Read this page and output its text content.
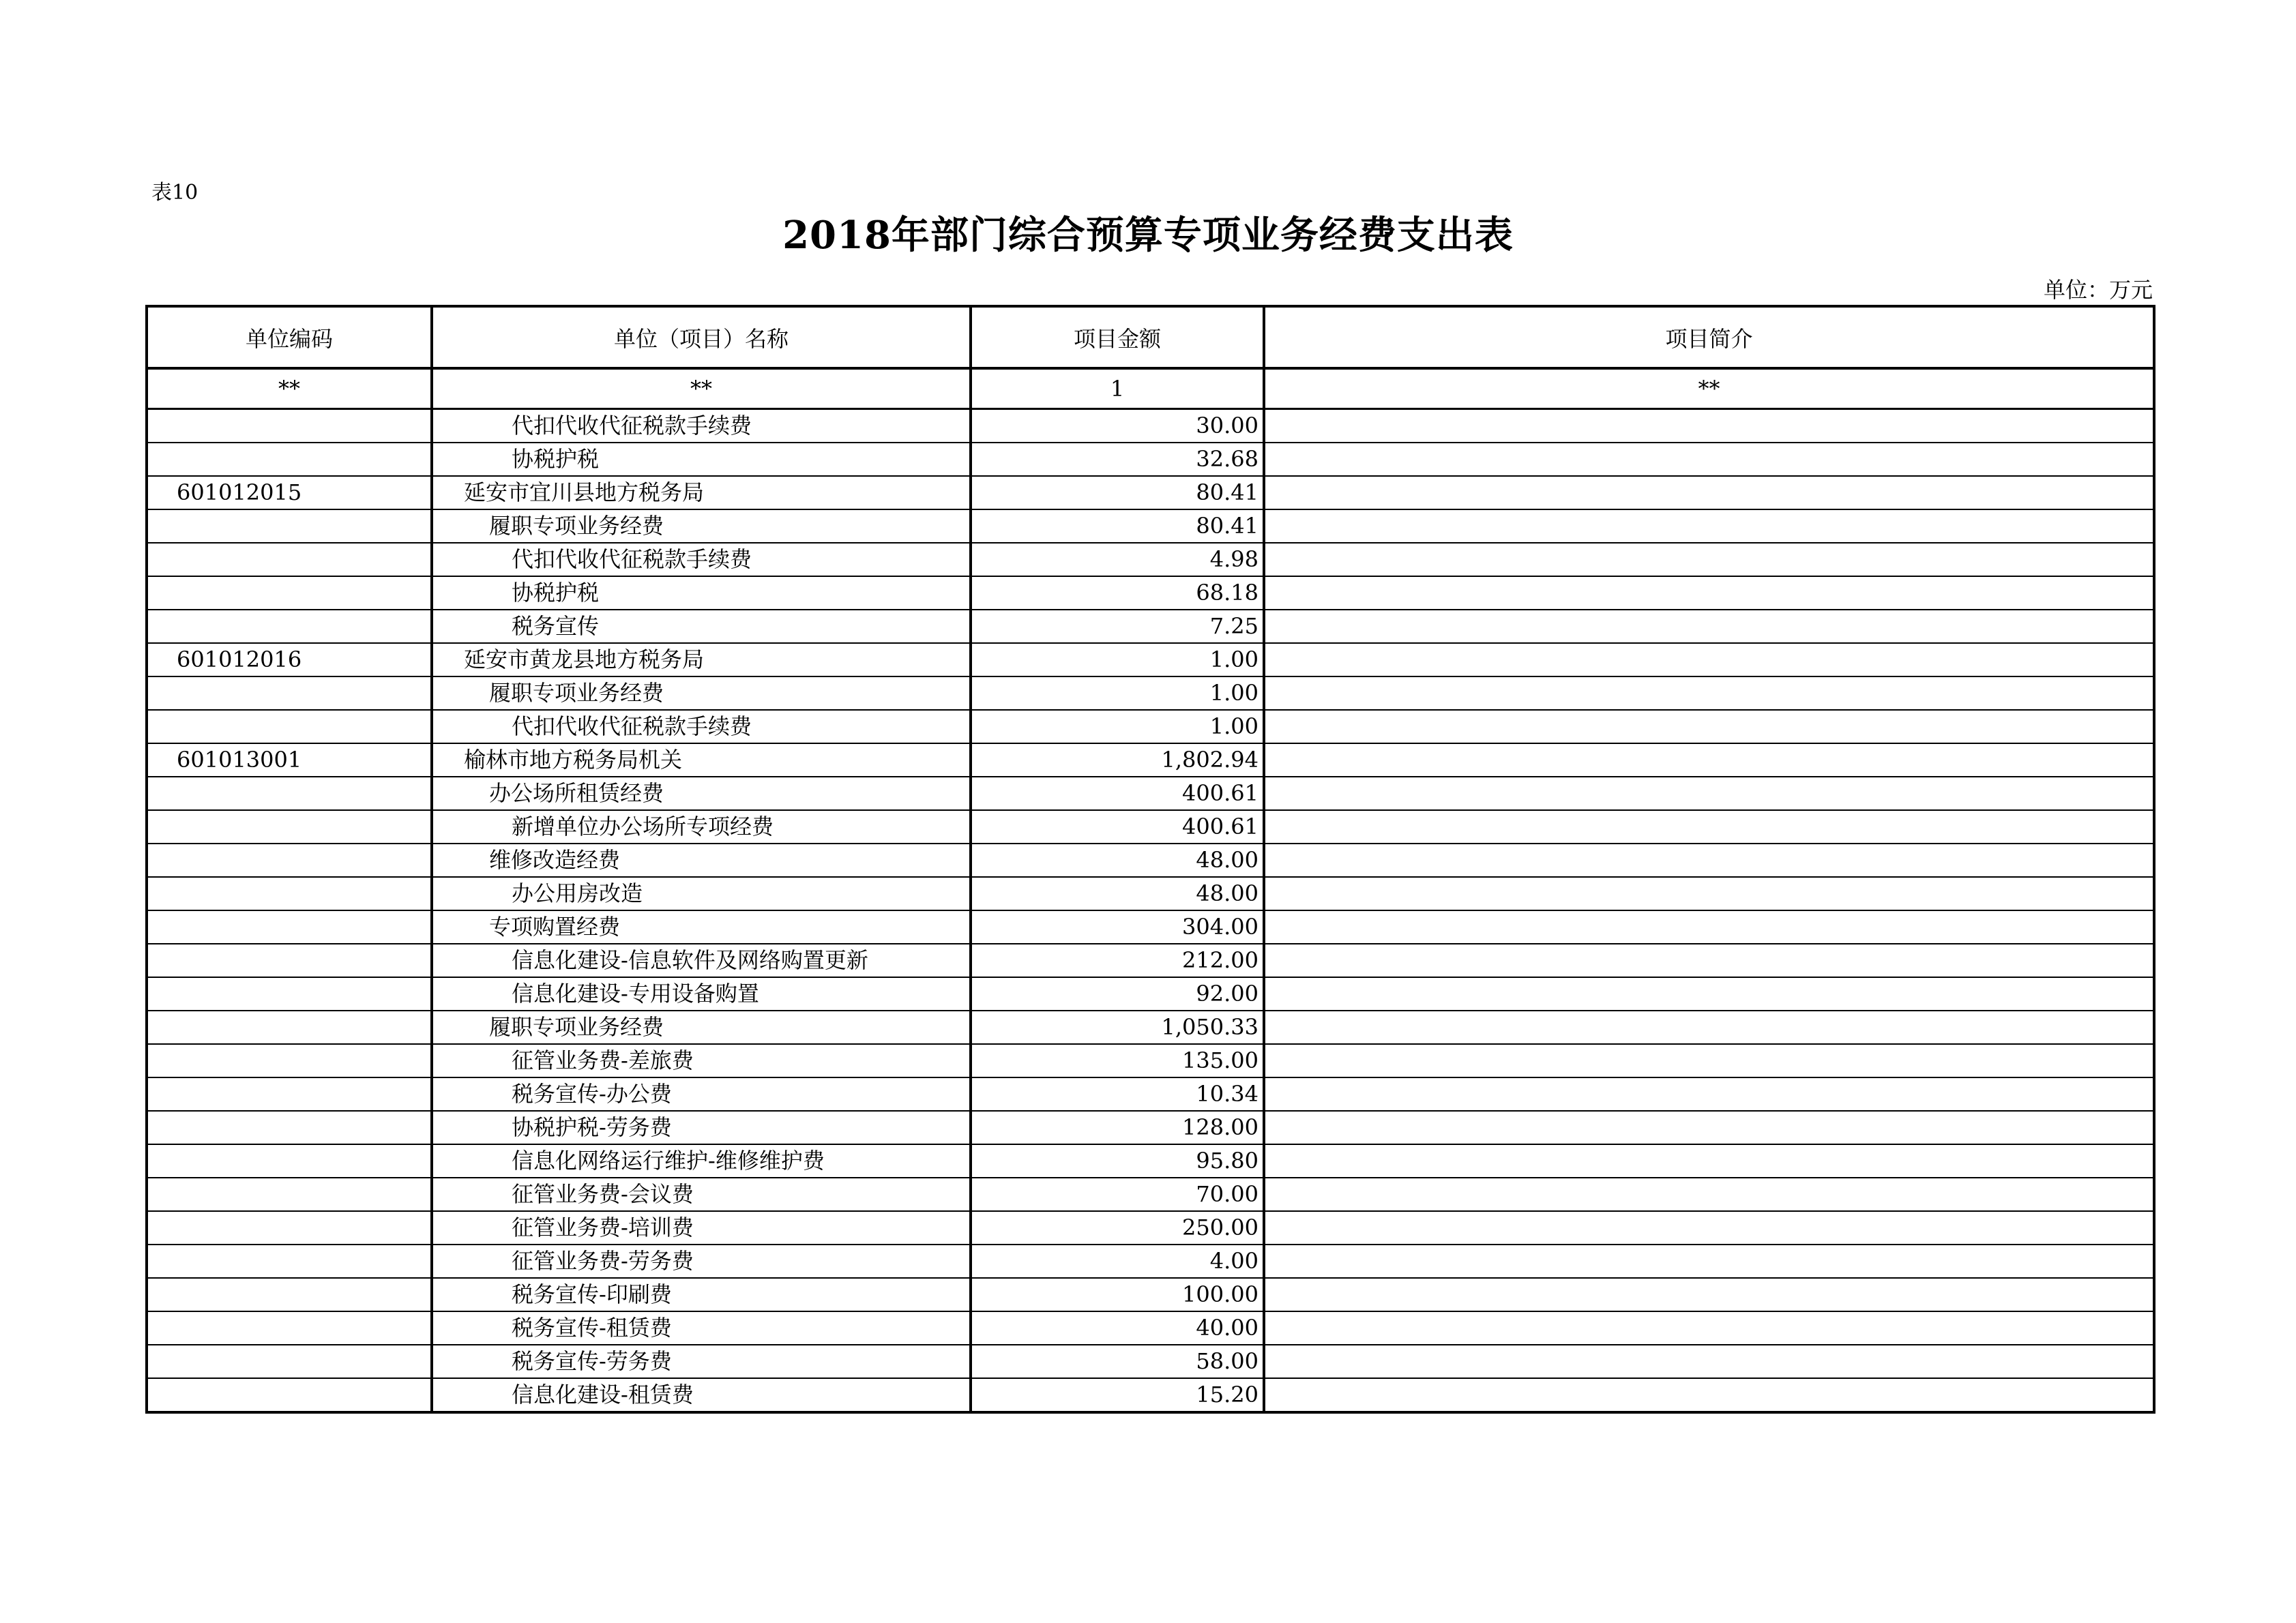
表10
2018年部门综合预算专项业务经费支出表
单位：万元
单位编码	单位（项目）名称	项目金额	项目简介
**	**	1	**
	代扣代收代征税款手续费	30.00	
	协税护税	32.68	
601012015	延安市宜川县地方税务局	80.41	
	履职专项业务经费	80.41	
	代扣代收代征税款手续费	4.98	
	协税护税	68.18	
	税务宣传	7.25	
601012016	延安市黄龙县地方税务局	1.00	
	履职专项业务经费	1.00	
	代扣代收代征税款手续费	1.00	
601013001	榆林市地方税务局机关	1,802.94	
	办公场所租赁经费	400.61	
	新增单位办公场所专项经费	400.61	
	维修改造经费	48.00	
	办公用房改造	48.00	
	专项购置经费	304.00	
	信息化建设-信息软件及网络购置更新	212.00	
	信息化建设-专用设备购置	92.00	
	履职专项业务经费	1,050.33	
	征管业务费-差旅费	135.00	
	税务宣传-办公费	10.34	
	协税护税-劳务费	128.00	
	信息化网络运行维护-维修维护费	95.80	
	征管业务费-会议费	70.00	
	征管业务费-培训费	250.00	
	征管业务费-劳务费	4.00	
	税务宣传-印刷费	100.00	
	税务宣传-租赁费	40.00	
	税务宣传-劳务费	58.00	
	信息化建设-租赁费	15.20	
